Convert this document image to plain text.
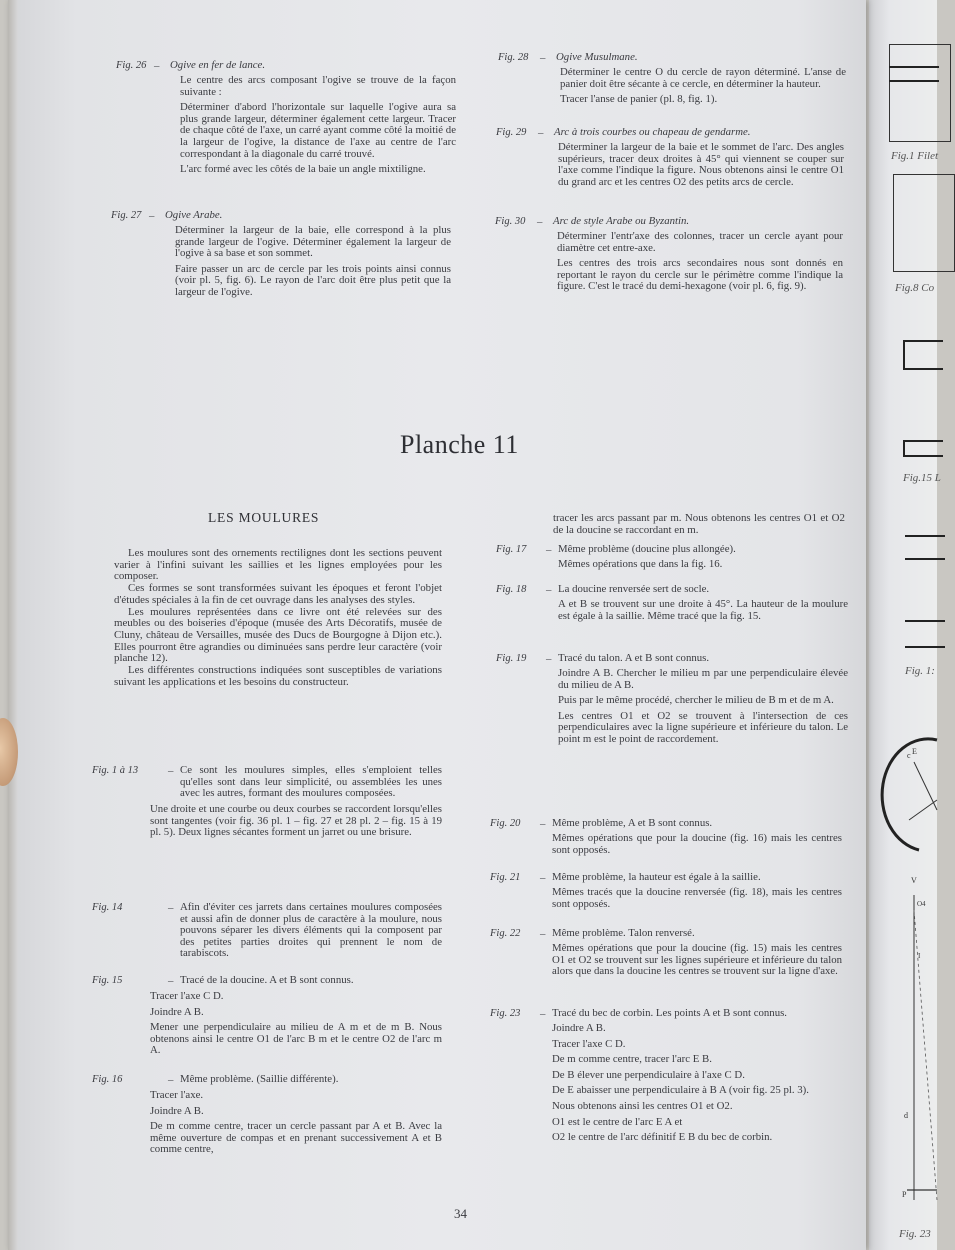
Fig.1 Filet
Fig.8 Co
Fig.15 L
Fig. 1:
c E
V
O4
I
d
P
Fig. 23
Fig. 26 – Ogive en fer de lance.

Le centre des arcs composant l'ogive se trouve de la façon suivante :

Déterminer d'abord l'horizontale sur laquelle l'ogive aura sa plus grande largeur, déterminer également cette largeur. Tracer de chaque côté de l'axe, un carré ayant comme côté la moitié de la largeur de l'ogive, la distance de l'axe au centre de l'arc correspondant à la diagonale du carré trouvé.

L'arc formé avec les côtés de la baie un angle mixtiligne.

Fig. 27 – Ogive Arabe.

Déterminer la largeur de la baie, elle correspond à la plus grande largeur de l'ogive. Déterminer également la largeur de l'ogive à sa base et son sommet.

Faire passer un arc de cercle par les trois points ainsi connus (voir pl. 5, fig. 6). Le rayon de l'arc doit être plus petit que la largeur de l'ogive.

Fig. 28 – Ogive Musulmane.

Déterminer le centre O du cercle de rayon déterminé. L'anse de panier doit être sécante à ce cercle, en déterminer la hauteur.

Tracer l'anse de panier (pl. 8, fig. 1).

Fig. 29 – Arc à trois courbes ou chapeau de gendarme.

Déterminer la largeur de la baie et le sommet de l'arc. Des angles supérieurs, tracer deux droites à 45° qui viennent se couper sur l'axe comme l'indique la figure. Nous obtenons ainsi le centre O1 du grand arc et les centres O2 des petits arcs de cercle.

Fig. 30 – Arc de style Arabe ou Byzantin.

Déterminer l'entr'axe des colonnes, tracer un cercle ayant pour diamètre cet entre-axe.

Les centres des trois arcs secondaires nous sont donnés en reportant le rayon du cercle sur le périmètre comme l'indique la figure. C'est le tracé du demi-hexagone (voir pl. 6, fig. 9).

Planche 11
LES MOULURES

Les moulures sont des ornements rectilignes dont les sections peuvent varier à l'infini suivant les saillies et les lignes employées pour les composer.

Ces formes se sont transformées suivant les époques et feront l'objet d'études spéciales à la fin de cet ouvrage dans les analyses des styles.

Les moulures représentées dans ce livre ont été relevées sur des meubles ou des boiseries d'époque (musée des Arts Décoratifs, musée de Cluny, château de Versailles, musée des Ducs de Bourgogne à Dijon etc.). Elles pourront être agrandies ou diminuées sans perdre leur caractère (voir planche 12).

Les différentes constructions indiquées sont susceptibles de variations suivant les applications et les besoins du constructeur.

Fig. 1 à 13	– Ce sont les moulures simples, elles s'emploient telles qu'elles sont dans leur simplicité, ou assemblées les unes avec les autres, formant des moulures composées.

Une droite et une courbe ou deux courbes se raccordent lorsqu'elles sont tangentes (voir fig. 36 pl. 1 – fig. 27 et 28 pl. 2 – fig. 15 à 19 pl. 5). Deux lignes sécantes forment un jarret ou une brisure.

Fig. 14	– Afin d'éviter ces jarrets dans certaines moulures composées et aussi afin de donner plus de caractère à la moulure, nous pouvons séparer les divers éléments qui la composent par des petites parties droites qui prennent le nom de tarabiscots.
Fig. 15	– Tracé de la doucine. A et B sont connus.

Tracer l'axe C D.

Joindre A B.

Mener une perpendiculaire au milieu de A m et de m B. Nous obtenons ainsi le centre O1 de l'arc B m et le centre O2 de l'arc m A.

Fig. 16	– Même problème. (Saillie différente).

Tracer l'axe.

Joindre A B.

De m comme centre, tracer un cercle passant par A et B. Avec la même ouverture de compas et en prenant successivement A et B comme centre,

tracer les arcs passant par m. Nous obtenons les centres O1 et O2 de la doucine se raccordant en m.

Fig. 17 – Même problème (doucine plus allongée).

Mêmes opérations que dans la fig. 16.

Fig. 18 – La doucine renversée sert de socle.

A et B se trouvent sur une droite à 45°. La hauteur de la moulure est égale à la saillie. Même tracé que la fig. 15.

Fig. 19 – Tracé du talon. A et B sont connus.

Joindre A B. Chercher le milieu m par une perpendiculaire élevée du milieu de A B.

Puis par le même procédé, chercher le milieu de B m et de m A.

Les centres O1 et O2 se trouvent à l'intersection de ces perpendiculaires avec la ligne supérieure et inférieure du talon. Le point m est le point de raccordement.

Fig. 20 – Même problème, A et B sont connus.

Mêmes opérations que pour la doucine (fig. 16) mais les centres sont opposés.

Fig. 21 – Même problème, la hauteur est égale à la saillie.

Mêmes tracés que la doucine renversée (fig. 18), mais les centres sont opposés.

Fig. 22 – Même problème. Talon renversé.

Mêmes opérations que pour la doucine (fig. 15) mais les centres O1 et O2 se trouvent sur les lignes supérieure et inférieure du talon alors que dans la doucine les centres se trouvent sur la ligne d'axe.

Fig. 23 – Tracé du bec de corbin. Les points A et B sont connus.

Joindre A B.

Tracer l'axe C D.

De m comme centre, tracer l'arc E B.

De B élever une perpendiculaire à l'axe C D.

De E abaisser une perpendiculaire à B A (voir fig. 25 pl. 3).

Nous obtenons ainsi les centres O1 et O2.

O1 est le centre de l'arc E A et

O2 le centre de l'arc définitif E B du bec de corbin.

34
